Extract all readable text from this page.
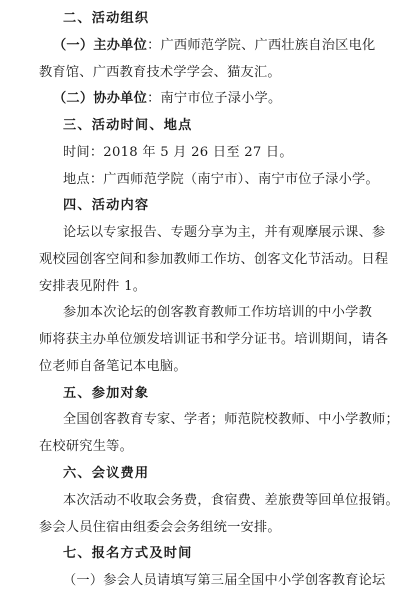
二、活动组织
（一）主办单位：广西师范学院、广西壮族自治区电化
教育馆、广西教育技术学学会、猫友汇。
（二）协办单位：南宁市位子渌小学。
三、活动时间、地点
时间：2018 年 5 月 26 日至 27 日。
地点：广西师范学院（南宁市）、南宁市位子渌小学。
四、活动内容
论坛以专家报告、专题分享为主，并有观摩展示课、参
观校园创客空间和参加教师工作坊、创客文化节活动。日程
安排表见附件 1。
参加本次论坛的创客教育教师工作坊培训的中小学教
师将获主办单位颁发培训证书和学分证书。培训期间，请各
位老师自备笔记本电脑。
五、参加对象
全国创客教育专家、学者；师范院校教师、中小学教师；
在校研究生等。
六、会议费用
本次活动不收取会务费，食宿费、差旅费等回单位报销。
参会人员住宿由组委会会务组统一安排。
七、报名方式及时间
（一）参会人员请填写第三届全国中小学创客教育论坛
